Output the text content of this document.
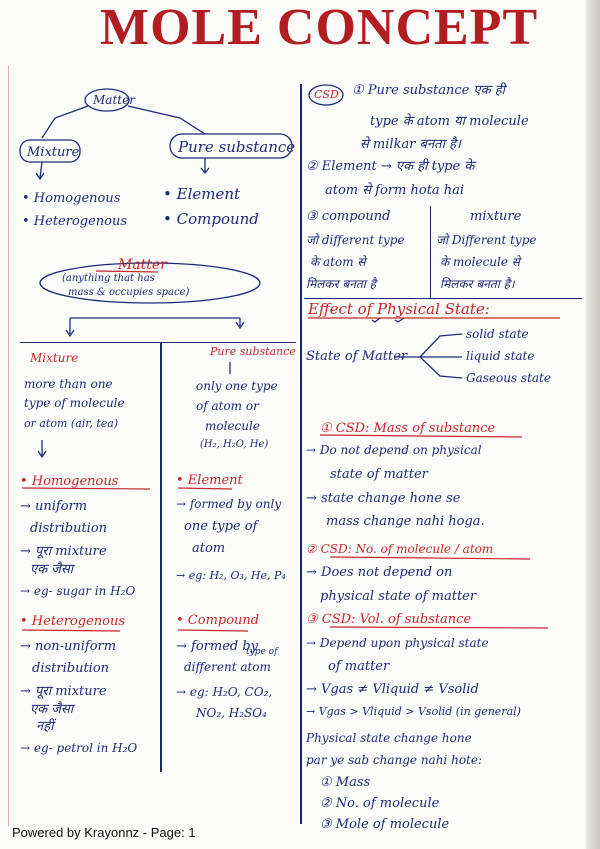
MOLE CONCEPT
Matter
Mixture	Pure substance
• Homogenous
• Heterogenous
• Element
• Compound
Matter
(anything that has
mass & occupies space)
Mixture
more than one
type of molecule
or atom (air, tea)
• Homogenous
→ uniform
distribution
→ पूरा mixture
एक जैसा
→ eg- sugar in H₂O
• Heterogenous
→ non-uniform
distribution
→ पूरा mixture
एक जैसा
नहीं
→ eg- petrol in H₂O
Pure substance
only one type
of atom or
molecule
(H₂, H₂O, He)
• Element
→ formed by only
one type of
atom
→ eg: H₂, O₃, He, P₄
• Compound
→ formed by
type of
different atom
→ eg: H₂O, CO₂,
NO₂, H₂SO₄
CSD ① Pure substance एक ही
type के atom या molecule
से milkar बनता है।
② Element → एक ही type के
atom से form hota hai
③ compound
जो different type
के atom से
मिलकर बनता है
mixture
जो Different type
के molecule से
मिलकर बनता है।
Effect of Physical State:
State of Matter
solid state
liquid state
Gaseous state
① CSD: Mass of substance
→ Do not depend on physical
state of matter
→ state change hone se
mass change nahi hoga.
② CSD: No. of molecule / atom
→ Does not depend on
physical state of matter
③ CSD: Vol. of substance
→ Depend upon physical state
of matter
→ Vgas ≠ Vliquid ≠ Vsolid
→ Vgas > Vliquid > Vsolid (in general)
Physical state change hone
par ye sab change nahi hote:
① Mass
② No. of molecule
③ Mole of molecule
Powered by Krayonnz - Page: 1
